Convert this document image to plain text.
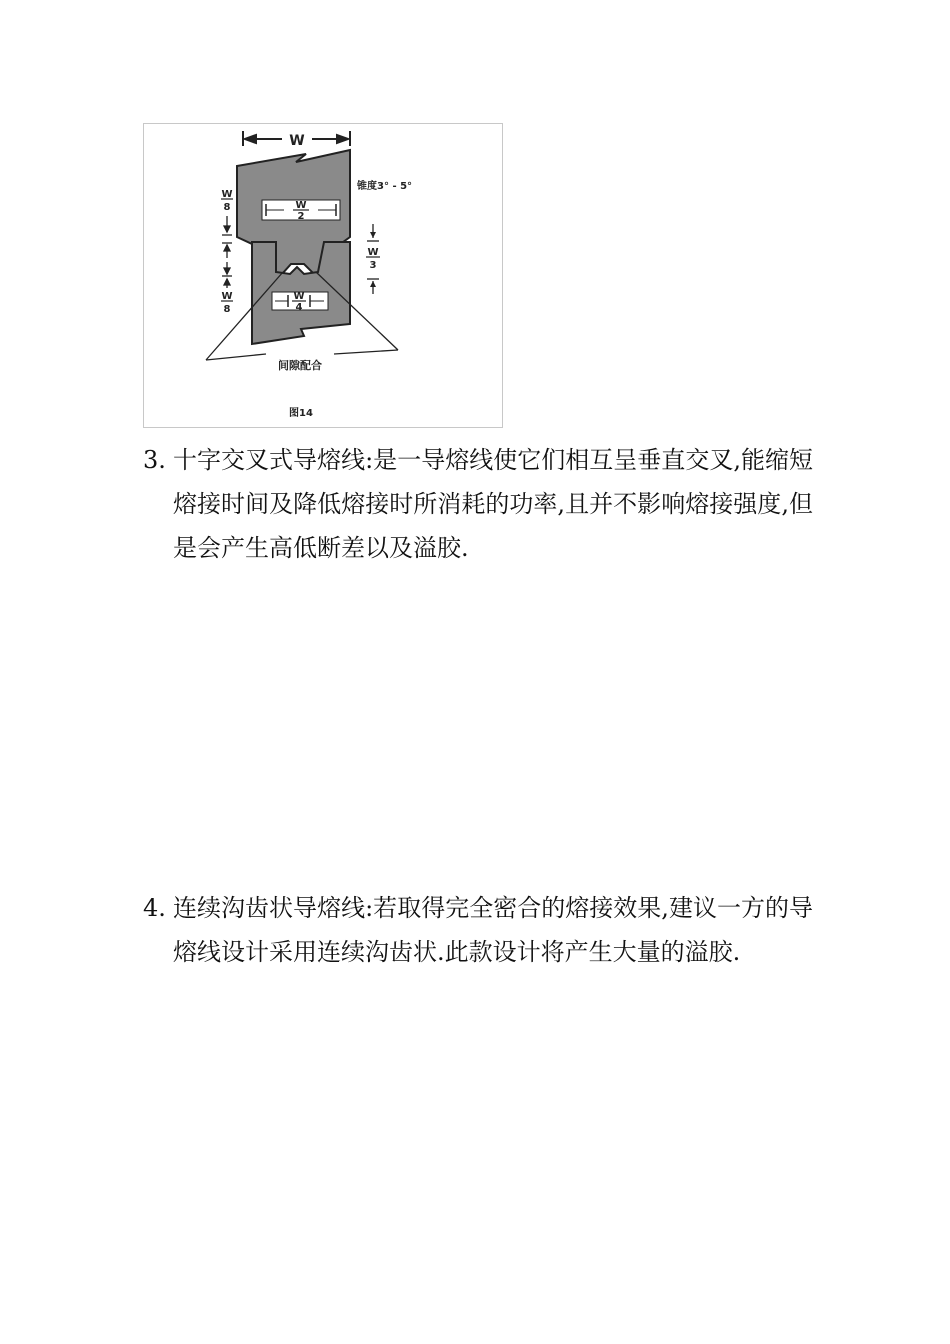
W
W
2
W
4
W
8
W
8
W
3
锥度3° - 5°
间隙配合
图14
3. 十字交叉式导熔线:是一导熔线使它们相互呈垂直交叉,能缩短熔接时间及降低熔接时所消耗的功率,且并不影响熔接强度,但是会产生高低断差以及溢胶.
4. 连续沟齿状导熔线:若取得完全密合的熔接效果,建议一方的导熔线设计采用连续沟齿状.此款设计将产生大量的溢胶.
